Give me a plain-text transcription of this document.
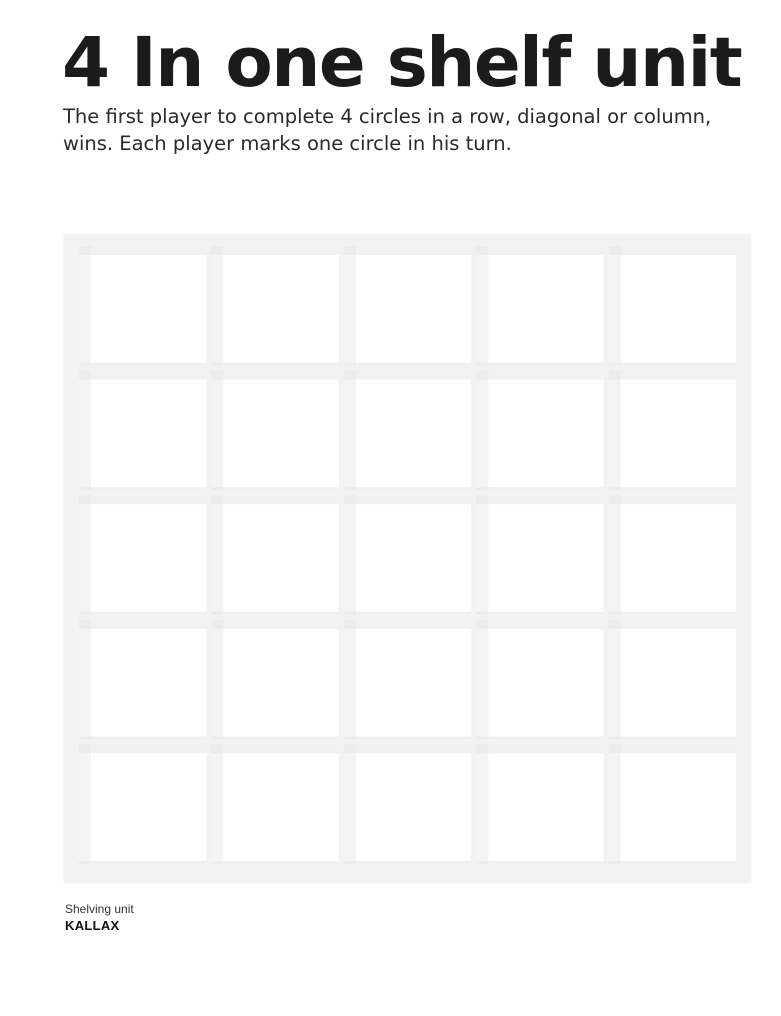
4 In one shelf unit

The first player to complete 4 circles in a row, diagonal or column, wins. Each player marks one circle in his turn.

Shelving unit
KALLAX
